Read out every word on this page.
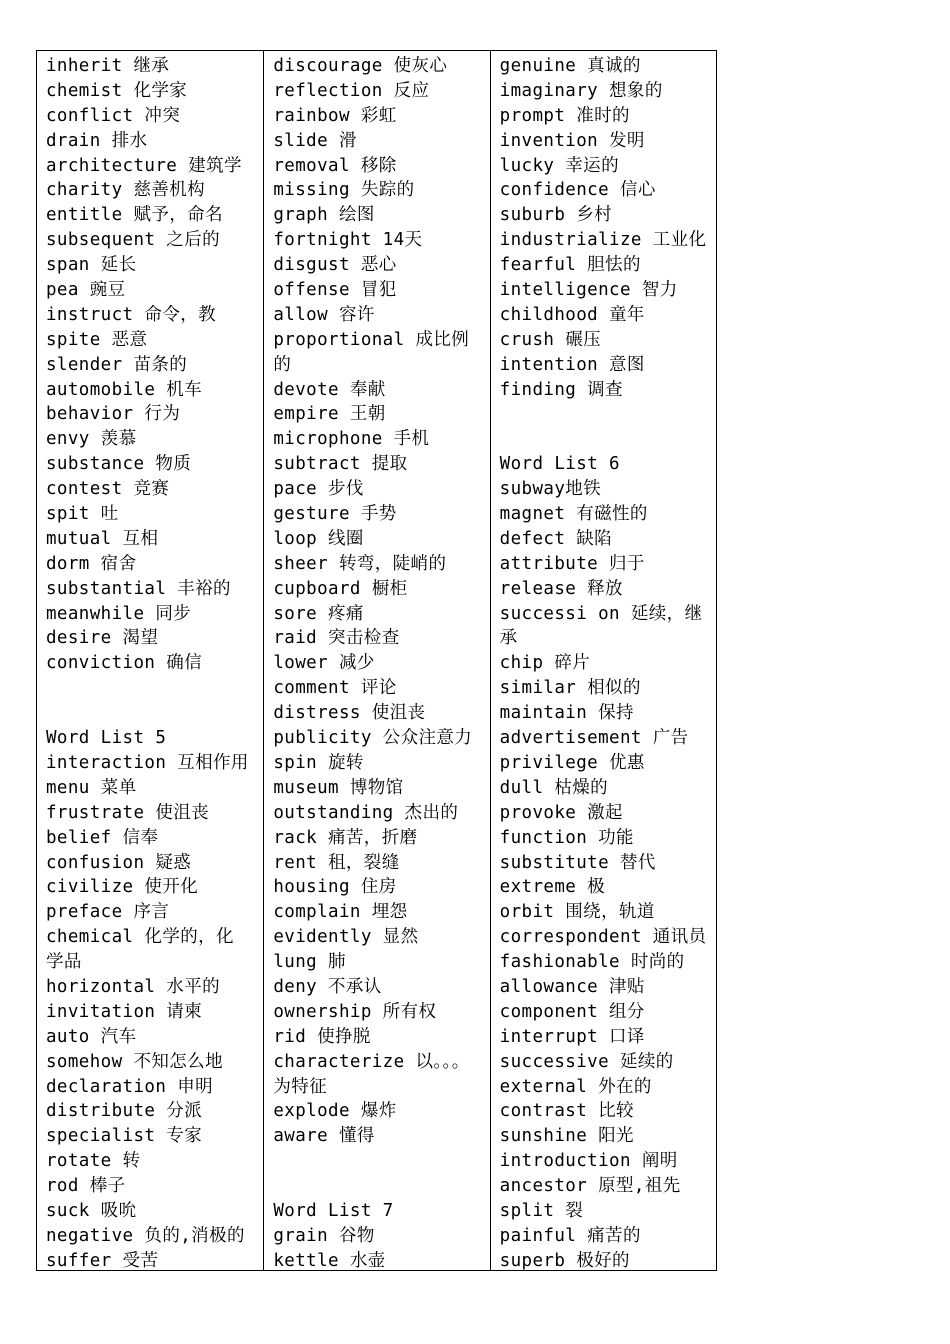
inherit 继承
chemist 化学家
conflict 冲突
drain 排水
architecture 建筑学
charity 慈善机构
entitle 赋予，命名
subsequent 之后的
span 延长
pea 豌豆
instruct 命令，教
spite 恶意
slender 苗条的
automobile 机车
behavior 行为
envy 羡慕
substance 物质
contest 竞赛
spit 吐
mutual 互相
dorm 宿舍
substantial 丰裕的
meanwhile 同步
desire 渴望
conviction 确信
Word List 5
interaction 互相作用
menu 菜单
frustrate 使沮丧
belief 信奉
confusion 疑惑
civilize 使开化
preface 序言
chemical 化学的，化
学品
horizontal 水平的
invitation 请柬
auto 汽车
somehow 不知怎么地
declaration 申明
distribute 分派
specialist 专家
rotate 转
rod 棒子
suck 吸吮
negative 负的,消极的
suffer 受苦
discourage 使灰心
reflection 反应
rainbow 彩虹
slide 滑
removal 移除
missing 失踪的
graph 绘图
fortnight 14天
disgust 恶心
offense 冒犯
allow 容许
proportional 成比例
的
devote 奉献
empire 王朝
microphone 手机
subtract 提取
pace 步伐
gesture 手势
loop 线圈
sheer 转弯，陡峭的
cupboard 橱柜
sore 疼痛
raid 突击检查
lower 减少
comment 评论
distress 使沮丧
publicity 公众注意力
spin 旋转
museum 博物馆
outstanding 杰出的
rack 痛苦，折磨
rent 租，裂缝
housing 住房
complain 埋怨
evidently 显然
lung 肺
deny 不承认
ownership 所有权
rid 使挣脱
characterize 以。。。
为特征
explode 爆炸
aware 懂得
Word List 7
grain 谷物
kettle 水壶
genuine 真诚的
imaginary 想象的
prompt 准时的
invention 发明
lucky 幸运的
confidence 信心
suburb 乡村
industrialize 工业化
fearful 胆怯的
intelligence 智力
childhood 童年
crush 碾压
intention 意图
finding 调查
Word List 6
subway地铁
magnet 有磁性的
defect 缺陷
attribute 归于
release 释放
successi on 延续，继
承
chip 碎片
similar 相似的
maintain 保持
advertisement 广告
privilege 优惠
dull 枯燥的
provoke 激起
function 功能
substitute 替代
extreme 极
orbit 围绕，轨道
correspondent 通讯员
fashionable 时尚的
allowance 津贴
component 组分
interrupt 口译
successive 延续的
external 外在的
contrast 比较
sunshine 阳光
introduction 阐明
ancestor 原型,祖先
split 裂
painful 痛苦的
superb 极好的
